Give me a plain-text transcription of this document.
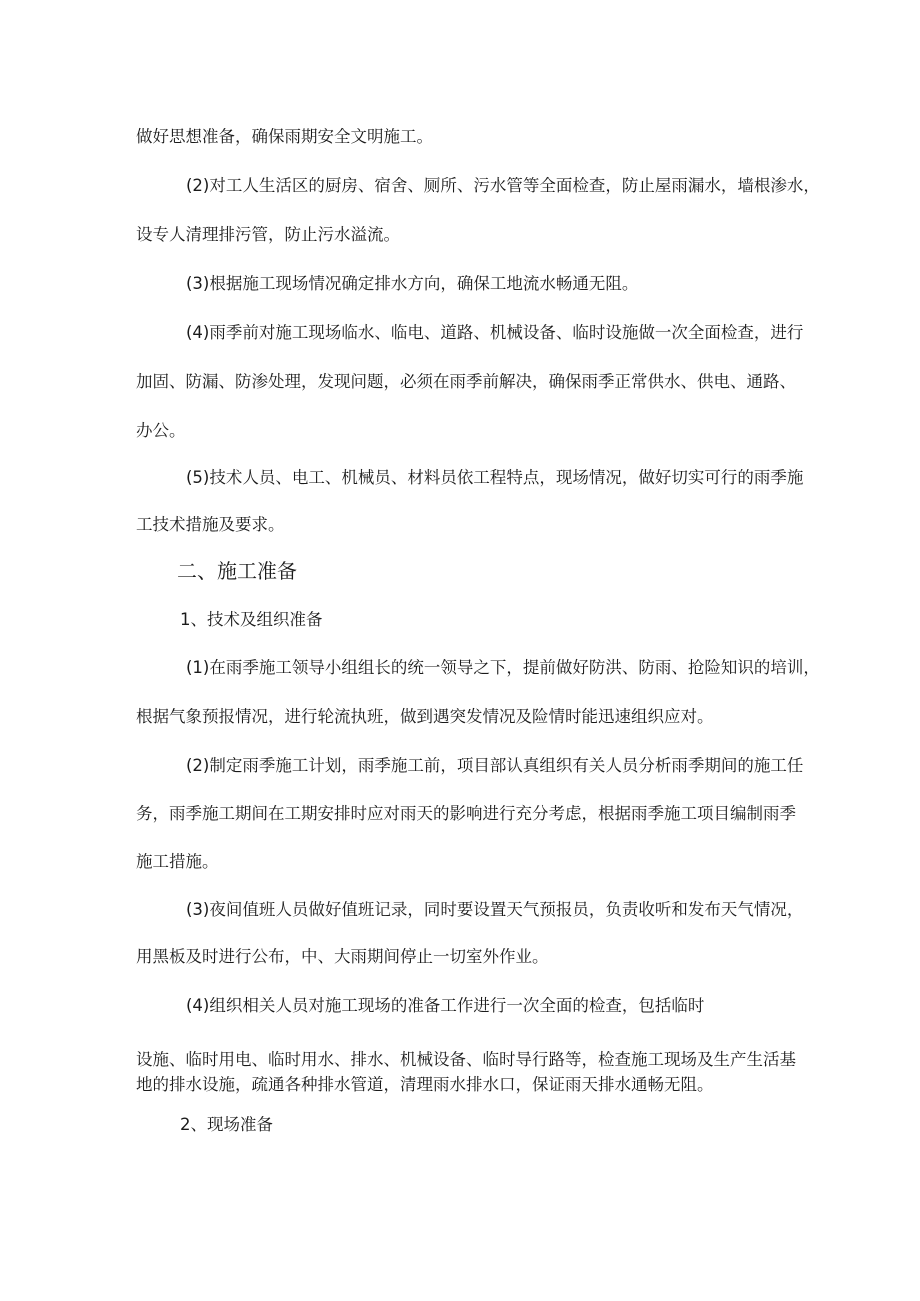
做好思想准备，确保雨期安全文明施工。

(2)对工人生活区的厨房、宿舍、厕所、污水管等全面检查，防止屋雨漏水，墙根渗水，

设专人清理排污管，防止污水溢流。

(3)根据施工现场情况确定排水方向，确保工地流水畅通无阻。

(4)雨季前对施工现场临水、临电、道路、机械设备、临时设施做一次全面检查，进行

加固、防漏、防渗处理，发现问题，必须在雨季前解决，确保雨季正常供水、供电、通路、

办公。

(5)技术人员、电工、机械员、材料员依工程特点，现场情况，做好切实可行的雨季施

工技术措施及要求。

二、施工准备

1、技术及组织准备

(1)在雨季施工领导小组组长的统一领导之下，提前做好防洪、防雨、抢险知识的培训，

根据气象预报情况，进行轮流执班，做到遇突发情况及险情时能迅速组织应对。

(2)制定雨季施工计划，雨季施工前，项目部认真组织有关人员分析雨季期间的施工任

务，雨季施工期间在工期安排时应对雨天的影响进行充分考虑，根据雨季施工项目编制雨季

施工措施。

(3)夜间值班人员做好值班记录，同时要设置天气预报员，负责收听和发布天气情况，

用黑板及时进行公布，中、大雨期间停止一切室外作业。

(4)组织相关人员对施工现场的准备工作进行一次全面的检查，包括临时

设施、临时用电、临时用水、排水、机械设备、临时导行路等，检查施工现场及生产生活基

地的排水设施，疏通各种排水管道，清理雨水排水口，保证雨天排水通畅无阻。

2、现场准备
